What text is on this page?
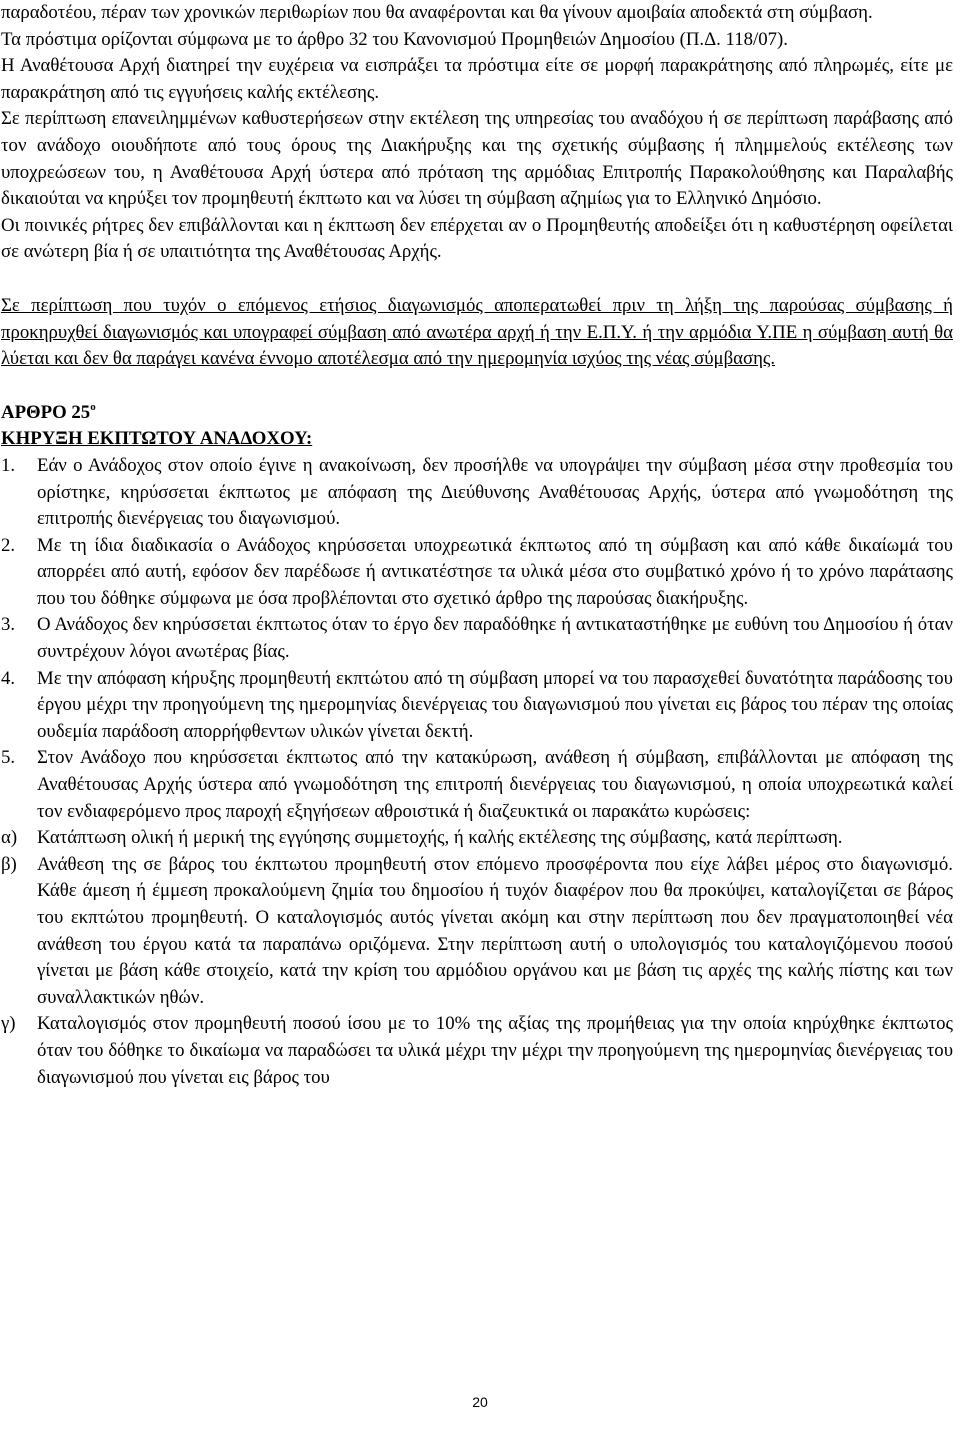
παραδοτέου, πέραν των χρονικών περιθωρίων που θα αναφέρονται και θα γίνουν αμοιβαία αποδεκτά στη σύμβαση.

Τα πρόστιμα ορίζονται σύμφωνα με το άρθρο 32 του Κανονισμού Προμηθειών Δημοσίου (Π.Δ. 118/07).

Η Αναθέτουσα Αρχή διατηρεί την ευχέρεια να εισπράξει τα πρόστιμα είτε σε μορφή παρακράτησης από πληρωμές, είτε με παρακράτηση από τις εγγυήσεις καλής εκτέλεσης.

Σε περίπτωση επανειλημμένων καθυστερήσεων στην εκτέλεση της υπηρεσίας του αναδόχου ή σε περίπτωση παράβασης από τον ανάδοχο οιουδήποτε από τους όρους της Διακήρυξης και της σχετικής σύμβασης ή πλημμελούς εκτέλεσης των υποχρεώσεων του, η Αναθέτουσα Αρχή ύστερα από πρόταση της αρμόδιας Επιτροπής Παρακολούθησης και Παραλαβής δικαιούται να κηρύξει τον προμηθευτή έκπτωτο και να λύσει τη σύμβαση αζημίως για το Ελληνικό Δημόσιο.

Οι ποινικές ρήτρες δεν επιβάλλονται και η έκπτωση δεν επέρχεται αν ο Προμηθευτής αποδείξει ότι η καθυστέρηση οφείλεται σε ανώτερη βία ή σε υπαιτιότητα της Αναθέτουσας Αρχής.

Σε περίπτωση που τυχόν ο επόμενος ετήσιος διαγωνισμός αποπερατωθεί πριν τη λήξη της παρούσας σύμβασης ή προκηρυχθεί διαγωνισμός και υπογραφεί σύμβαση από ανωτέρα αρχή ή την Ε.Π.Υ. ή την αρμόδια Υ.ΠΕ η σύμβαση αυτή θα λύεται και δεν θα παράγει κανένα έννομο αποτέλεσμα από την ημερομηνία ισχύος της νέας σύμβασης.

ΑΡΘΡΟ $25^o$
ΚΗΡΥΞΗ ΕΚΠΤΩΤΟΥ ΑΝΑΔΟΧΟΥ:
1.	Εάν ο Ανάδοχος στον οποίο έγινε η ανακοίνωση, δεν προσήλθε να υπογράψει την σύμβαση μέσα στην προθεσμία του ορίστηκε, κηρύσσεται έκπτωτος με απόφαση της Διεύθυνσης Αναθέτουσας Αρχής, ύστερα από γνωμοδότηση της επιτροπής διενέργειας του διαγωνισμού.
2.	Με τη ίδια διαδικασία ο Ανάδοχος κηρύσσεται υποχρεωτικά έκπτωτος από τη σύμβαση και από κάθε δικαίωμά του απορρέει από αυτή, εφόσον δεν παρέδωσε ή αντικατέστησε τα υλικά μέσα στο συμβατικό χρόνο ή το χρόνο παράτασης που του δόθηκε σύμφωνα με όσα προβλέπονται στο σχετικό άρθρο της παρούσας διακήρυξης.
3.	Ο Ανάδοχος δεν κηρύσσεται έκπτωτος όταν το έργο δεν παραδόθηκε ή αντικαταστήθηκε με ευθύνη του Δημοσίου ή όταν συντρέχουν λόγοι ανωτέρας βίας.
4.	Με την απόφαση κήρυξης προμηθευτή εκπτώτου από τη σύμβαση μπορεί να του παρασχεθεί δυνατότητα παράδοσης του έργου μέχρι την προηγούμενη της ημερομηνίας διενέργειας του διαγωνισμού που γίνεται εις βάρος του πέραν της οποίας ουδεμία παράδοση απορρήφθεντων υλικών γίνεται δεκτή.
5.	Στον Ανάδοχο που κηρύσσεται έκπτωτος από την κατακύρωση, ανάθεση ή σύμβαση, επιβάλλονται με απόφαση της Αναθέτουσας Αρχής ύστερα από γνωμοδότηση της επιτροπή διενέργειας του διαγωνισμού, η οποία υποχρεωτικά καλεί τον ενδιαφερόμενο προς παροχή εξηγήσεων αθροιστικά ή διαζευκτικά οι παρακάτω κυρώσεις:
α)	Κατάπτωση ολική ή μερική της εγγύησης συμμετοχής, ή καλής εκτέλεσης της σύμβασης, κατά περίπτωση.
β)	Ανάθεση της σε βάρος του έκπτωτου προμηθευτή στον επόμενο προσφέροντα που είχε λάβει μέρος στο διαγωνισμό. Κάθε άμεση ή έμμεση προκαλούμενη ζημία του δημοσίου ή τυχόν διαφέρον που θα προκύψει, καταλογίζεται σε βάρος του εκπτώτου προμηθευτή. Ο καταλογισμός αυτός γίνεται ακόμη και στην περίπτωση που δεν πραγματοποιηθεί νέα ανάθεση του έργου κατά τα παραπάνω οριζόμενα. Στην περίπτωση αυτή ο υπολογισμός του καταλογιζόμενου ποσού γίνεται με βάση κάθε στοιχείο, κατά την κρίση του αρμόδιου οργάνου και με βάση τις αρχές της καλής πίστης και των συναλλακτικών ηθών.
γ)	Καταλογισμός στον προμηθευτή ποσού ίσου με το 10% της αξίας της προμήθειας για την οποία κηρύχθηκε έκπτωτος όταν του δόθηκε το δικαίωμα να παραδώσει τα υλικά μέχρι την μέχρι την προηγούμενη της ημερομηνίας διενέργειας του διαγωνισμού που γίνεται εις βάρος του
20
